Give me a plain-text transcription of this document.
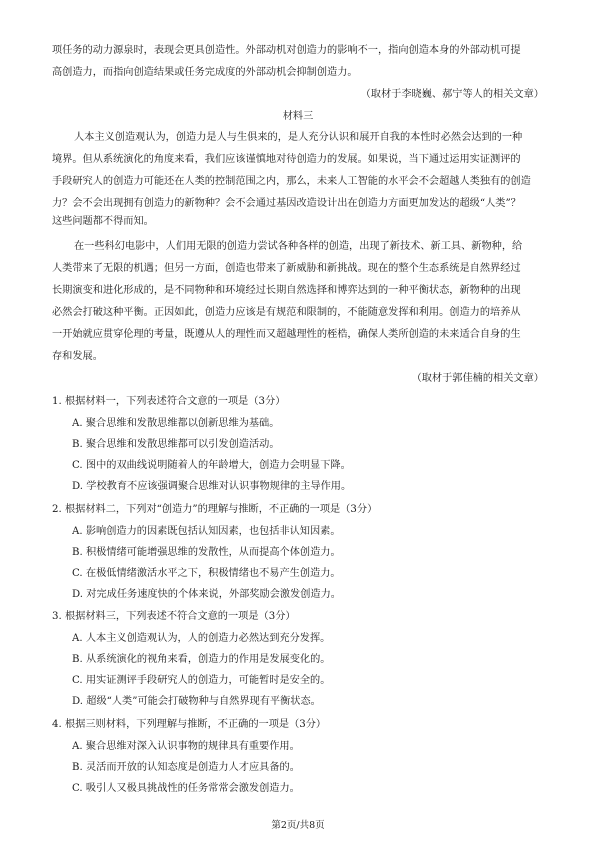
项任务的动力源泉时，表现会更具创造性。外部动机对创造力的影响不一，指向创造本身的外部动机可提
高创造力，而指向创造结果或任务完成度的外部动机会抑制创造力。
（取材于李晓巍、郝宁等人的相关文章）
材料三
人本主义创造观认为，创造力是人与生俱来的，是人充分认识和展开自我的本性时必然会达到的一种
境界。但从系统演化的角度来看，我们应该谨慎地对待创造力的发展。如果说，当下通过运用实证测评的
手段研究人的创造力可能还在人类的控制范围之内，那么，未来人工智能的水平会不会超越人类独有的创造
力？会不会出现拥有创造力的新物种？会不会通过基因改造设计出在创造力方面更加发达的超级“人类”？
这些问题都不得而知。
在一些科幻电影中，人们用无限的创造力尝试各种各样的创造，出现了新技术、新工具、新物种，给
人类带来了无限的机遇；但另一方面，创造也带来了新威胁和新挑战。现在的整个生态系统是自然界经过
长期演变和进化形成的，是不同物种和环境经过长期自然选择和博弈达到的一种平衡状态，新物种的出现
必然会打破这种平衡。正因如此，创造力应该是有规范和限制的，不能随意发挥和利用。创造力的培养从
一开始就应贯穿伦理的考量，既遵从人的理性而又超越理性的桎梏，确保人类所创造的未来适合自身的生
存和发展。
（取材于郭佳楠的相关文章）
1. 根据材料一，下列表述符合文意的一项是（3分）
A. 聚合思维和发散思维都以创新思维为基础。
B. 聚合思维和发散思维都可以引发创造活动。
C. 图中的双曲线说明随着人的年龄增大，创造力会明显下降。
D. 学校教育不应该强调聚合思维对认识事物规律的主导作用。
2. 根据材料二，下列对“创造力”的理解与推断，不正确的一项是（3分）
A. 影响创造力的因素既包括认知因素，也包括非认知因素。
B. 积极情绪可能增强思维的发散性，从而提高个体创造力。
C. 在极低情绪激活水平之下，积极情绪也不易产生创造力。
D. 对完成任务速度快的个体来说，外部奖励会激发创造力。
3. 根据材料三，下列表述不符合文意的一项是（3分）
A. 人本主义创造观认为，人的创造力必然达到充分发挥。
B. 从系统演化的视角来看，创造力的作用是发展变化的。
C. 用实证测评手段研究人的创造力，可能暂时是安全的。
D. 超级“人类”可能会打破物种与自然界现有平衡状态。
4. 根据三则材料，下列理解与推断，不正确的一项是（3分）
A. 聚合思维对深入认识事物的规律具有重要作用。
B. 灵活而开放的认知态度是创造力人才应具备的。
C. 吸引人又极具挑战性的任务常常会激发创造力。
第2页/共8页
